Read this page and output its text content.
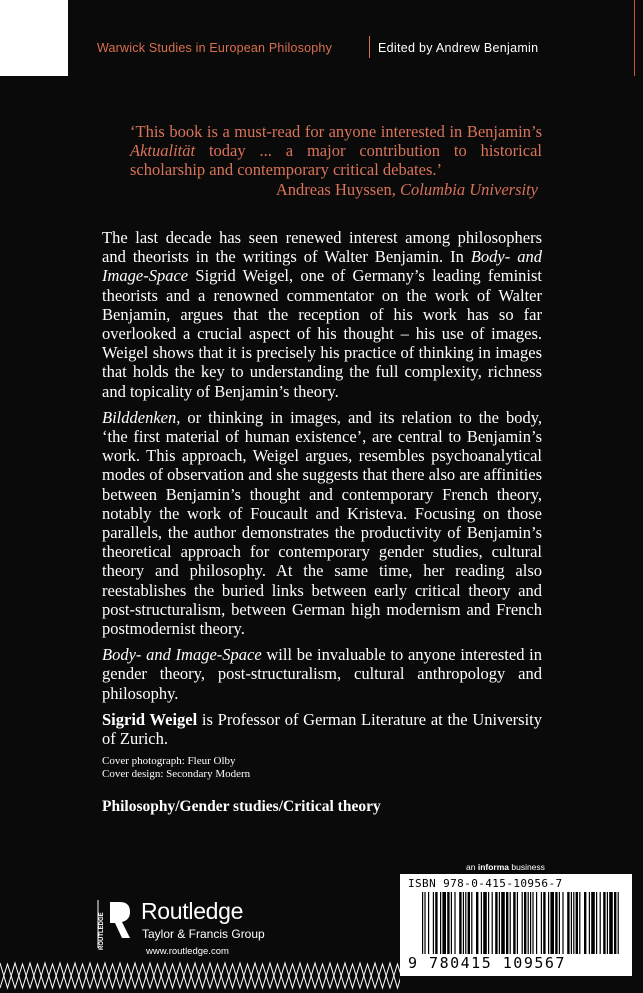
Warwick Studies in European Philosophy	Edited by Andrew Benjamin

‘This book is a must-read for anyone interested in Benjamin’s Aktualität today ... a major contribution to historical scholarship and contemporary critical debates.’

Andreas Huyssen, Columbia University

The last decade has seen renewed interest among philosophers and theorists in the writings of Walter Benjamin. In Body- and Image-Space Sigrid Weigel, one of Germany’s leading feminist theorists and a renowned commentator on the work of Walter Benjamin, argues that the reception of his work has so far overlooked a crucial aspect of his thought – his use of images. Weigel shows that it is precisely his practice of thinking in images that holds the key to understanding the full complexity, richness and topicality of Benjamin’s theory.

Bilddenken, or thinking in images, and its relation to the body, ‘the first material of human existence’, are central to Benjamin’s work. This approach, Weigel argues, resembles psychoanalytical modes of observation and she suggests that there also are affinities between Benjamin’s thought and contemporary French theory, notably the work of Foucault and Kristeva. Focusing on those parallels, the author demonstrates the productivity of Benjamin’s theoretical approach for contemporary gender studies, cultural theory and philosophy. At the same time, her reading also reestablishes the buried links between early critical theory and post-structuralism, between German high modernism and French postmodernist theory.

Body- and Image-Space will be invaluable to anyone interested in gender theory, post-structuralism, cultural anthropology and philosophy.

Sigrid Weigel is Professor of German Literature at the University of Zurich.

Cover photograph: Fleur Olby
Cover design: Secondary Modern
Philosophy/Gender studies/Critical theory
an informa business
ISBN 978-0-415-10956-7
9 780415 109567
ROUTLEDGE
Routledge
Taylor & Francis Group
www.routledge.com
